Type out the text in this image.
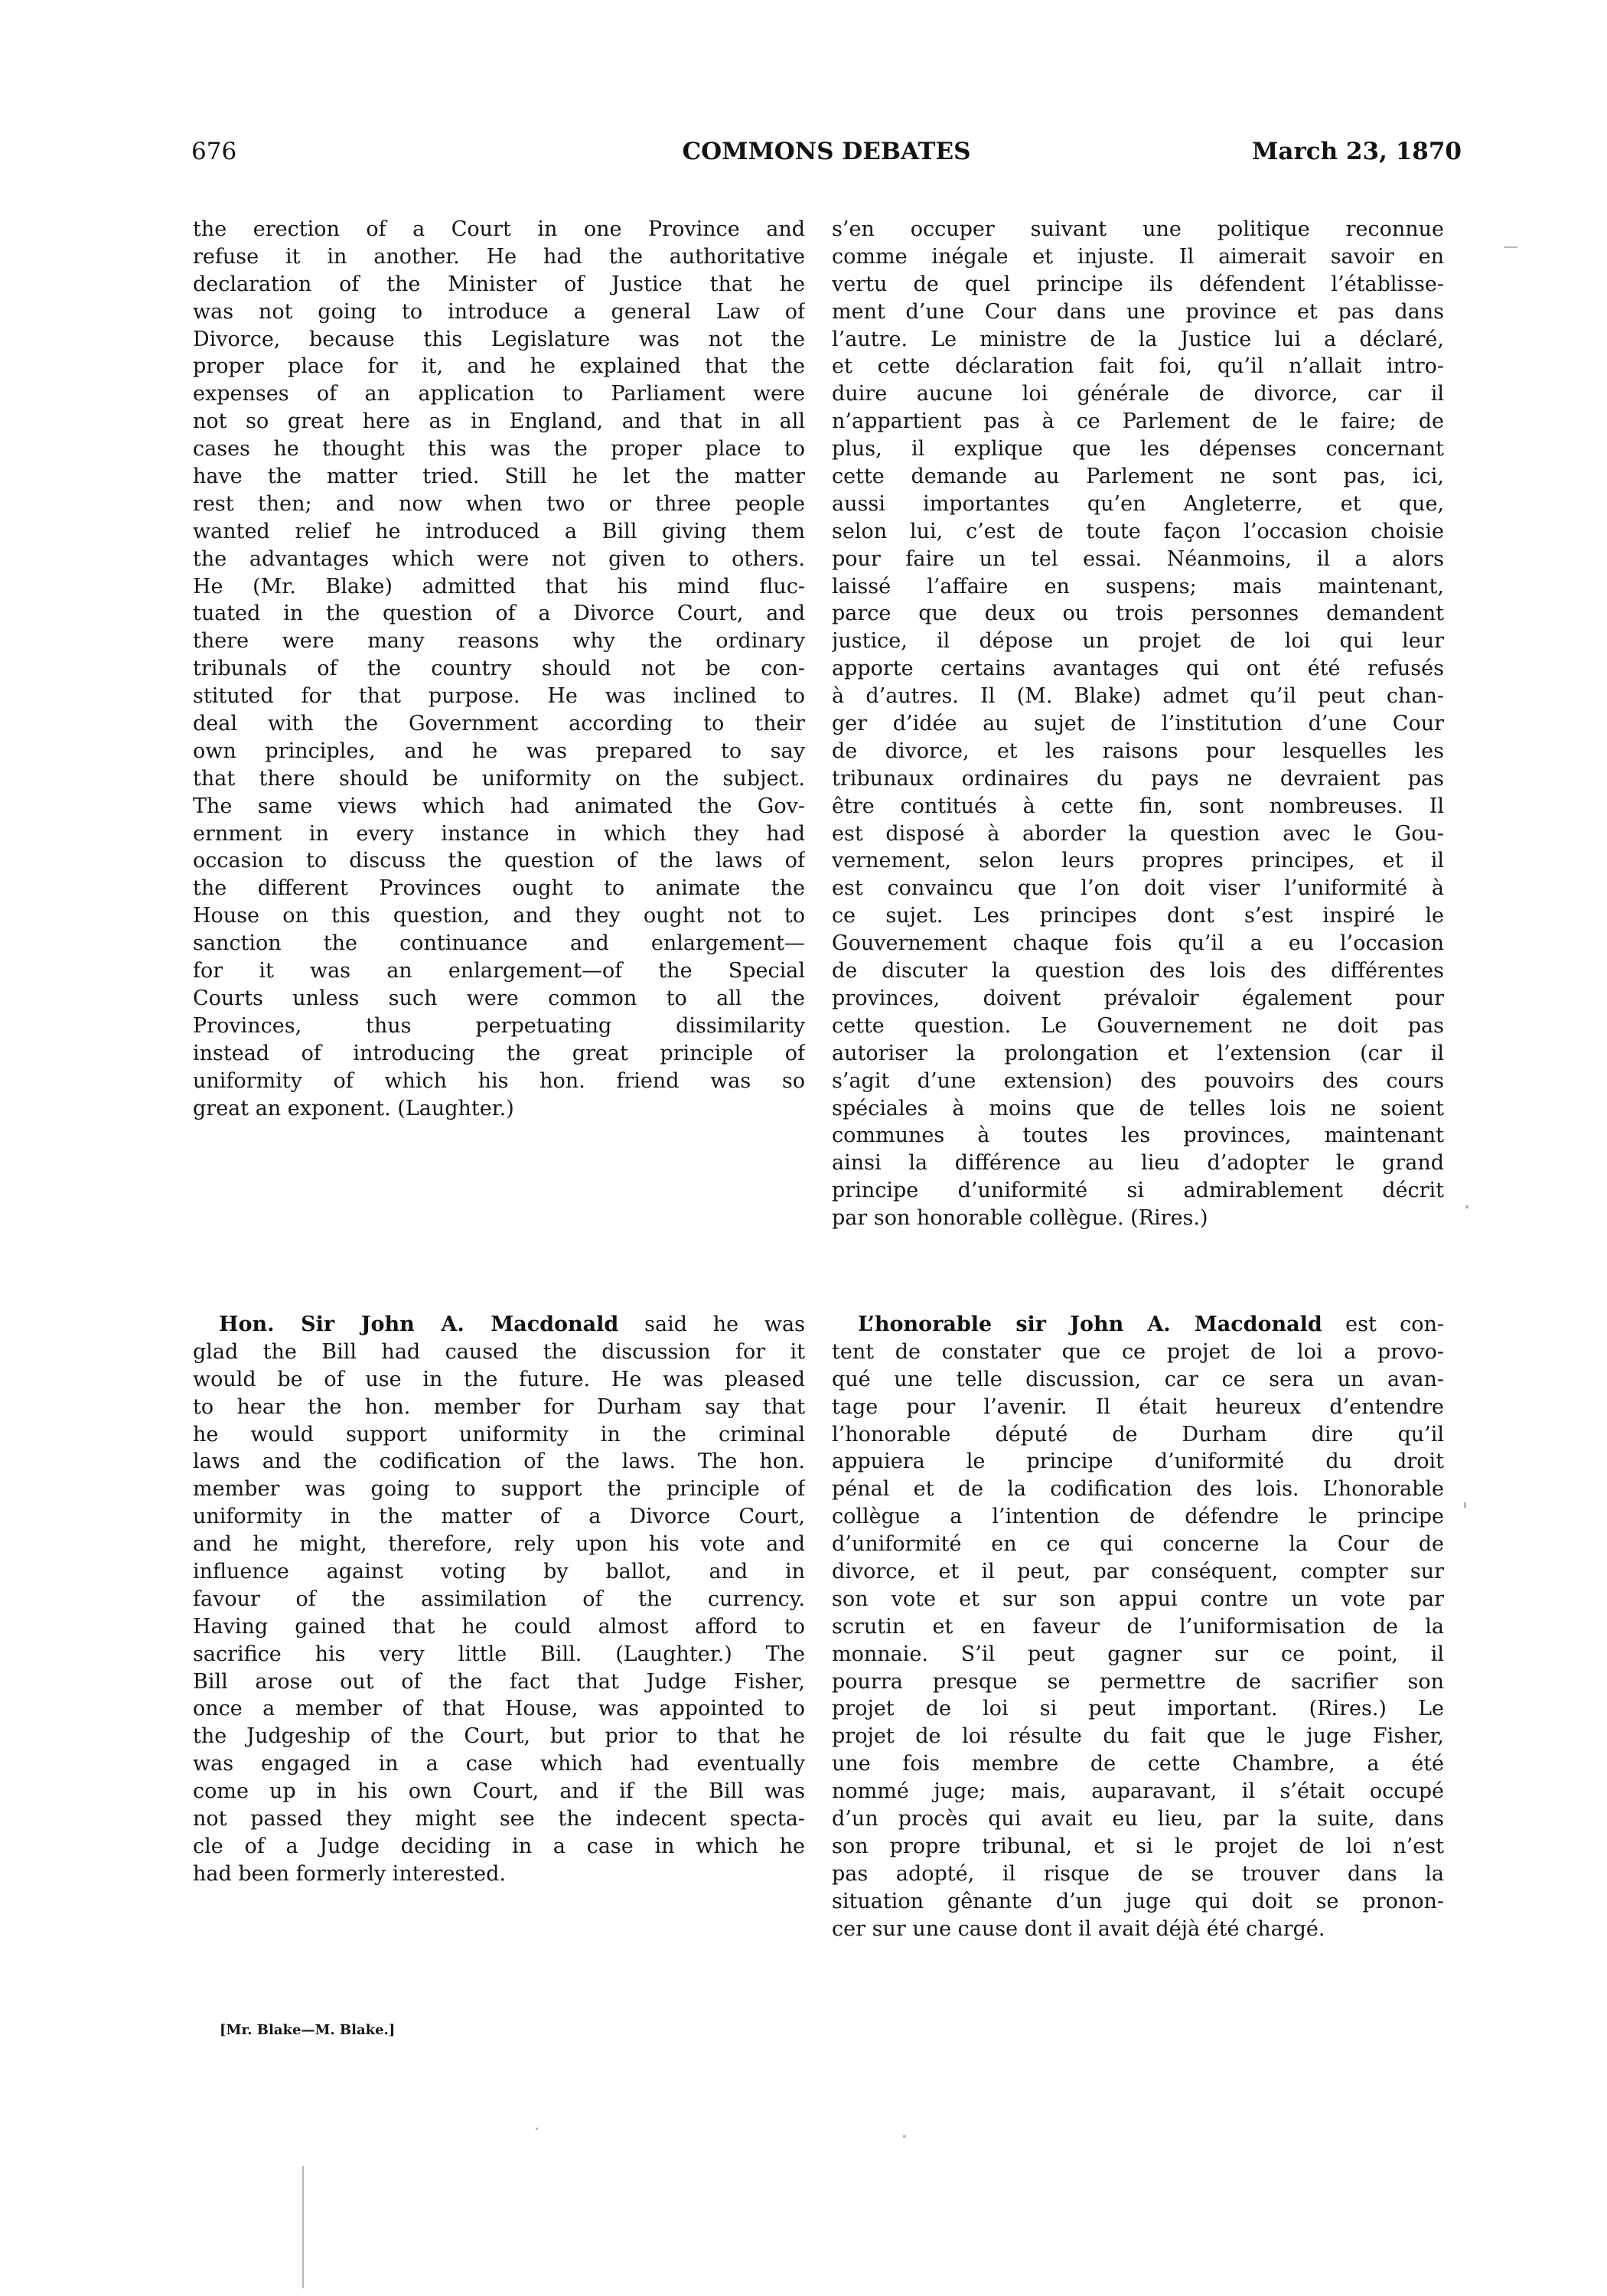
676	COMMONS DEBATES	March 23, 1870
the erection of a Court in one Province and
refuse it in another. He had the authoritative
declaration of the Minister of Justice that he
was not going to introduce a general Law of
Divorce, because this Legislature was not the
proper place for it, and he explained that the
expenses of an application to Parliament were
not so great here as in England, and that in all
cases he thought this was the proper place to
have the matter tried. Still he let the matter
rest then; and now when two or three people
wanted relief he introduced a Bill giving them
the advantages which were not given to others.
He (Mr. Blake) admitted that his mind fluc-
tuated in the question of a Divorce Court, and
there were many reasons why the ordinary
tribunals of the country should not be con-
stituted for that purpose. He was inclined to
deal with the Government according to their
own principles, and he was prepared to say
that there should be uniformity on the subject.
The same views which had animated the Gov-
ernment in every instance in which they had
occasion to discuss the question of the laws of
the different Provinces ought to animate the
House on this question, and they ought not to
sanction the continuance and enlargement—
for it was an enlargement—of the Special
Courts unless such were common to all the
Provinces, thus perpetuating dissimilarity
instead of introducing the great principle of
uniformity of which his hon. friend was so
great an exponent. (Laughter.)
s’en occuper suivant une politique reconnue
comme inégale et injuste. Il aimerait savoir en
vertu de quel principe ils défendent l’établisse-
ment d’une Cour dans une province et pas dans
l’autre. Le ministre de la Justice lui a déclaré,
et cette déclaration fait foi, qu’il n’allait intro-
duire aucune loi générale de divorce, car il
n’appartient pas à ce Parlement de le faire; de
plus, il explique que les dépenses concernant
cette demande au Parlement ne sont pas, ici,
aussi importantes qu’en Angleterre, et que,
selon lui, c’est de toute façon l’occasion choisie
pour faire un tel essai. Néanmoins, il a alors
laissé l’affaire en suspens; mais maintenant,
parce que deux ou trois personnes demandent
justice, il dépose un projet de loi qui leur
apporte certains avantages qui ont été refusés
à d’autres. Il (M. Blake) admet qu’il peut chan-
ger d’idée au sujet de l’institution d’une Cour
de divorce, et les raisons pour lesquelles les
tribunaux ordinaires du pays ne devraient pas
être contitués à cette fin, sont nombreuses. Il
est disposé à aborder la question avec le Gou-
vernement, selon leurs propres principes, et il
est convaincu que l’on doit viser l’uniformité à
ce sujet. Les principes dont s’est inspiré le
Gouvernement chaque fois qu’il a eu l’occasion
de discuter la question des lois des différentes
provinces, doivent prévaloir également pour
cette question. Le Gouvernement ne doit pas
autoriser la prolongation et l’extension (car il
s’agit d’une extension) des pouvoirs des cours
spéciales à moins que de telles lois ne soient
communes à toutes les provinces, maintenant
ainsi la différence au lieu d’adopter le grand
principe d’uniformité si admirablement décrit
par son honorable collègue. (Rires.)
Hon. Sir John A. Macdonald said he was
glad the Bill had caused the discussion for it
would be of use in the future. He was pleased
to hear the hon. member for Durham say that
he would support uniformity in the criminal
laws and the codification of the laws. The hon.
member was going to support the principle of
uniformity in the matter of a Divorce Court,
and he might, therefore, rely upon his vote and
influence against voting by ballot, and in
favour of the assimilation of the currency.
Having gained that he could almost afford to
sacrifice his very little Bill. (Laughter.) The
Bill arose out of the fact that Judge Fisher,
once a member of that House, was appointed to
the Judgeship of the Court, but prior to that he
was engaged in a case which had eventually
come up in his own Court, and if the Bill was
not passed they might see the indecent specta-
cle of a Judge deciding in a case in which he
had been formerly interested.
L’honorable sir John A. Macdonald est con-
tent de constater que ce projet de loi a provo-
qué une telle discussion, car ce sera un avan-
tage pour l’avenir. Il était heureux d’entendre
l’honorable député de Durham dire qu’il
appuiera le principe d’uniformité du droit
pénal et de la codification des lois. L’honorable
collègue a l’intention de défendre le principe
d’uniformité en ce qui concerne la Cour de
divorce, et il peut, par conséquent, compter sur
son vote et sur son appui contre un vote par
scrutin et en faveur de l’uniformisation de la
monnaie. S’il peut gagner sur ce point, il
pourra presque se permettre de sacrifier son
projet de loi si peut important. (Rires.) Le
projet de loi résulte du fait que le juge Fisher,
une fois membre de cette Chambre, a été
nommé juge; mais, auparavant, il s’était occupé
d’un procès qui avait eu lieu, par la suite, dans
son propre tribunal, et si le projet de loi n’est
pas adopté, il risque de se trouver dans la
situation gênante d’un juge qui doit se pronon-
cer sur une cause dont il avait déjà été chargé.
[Mr. Blake—M. Blake.]
